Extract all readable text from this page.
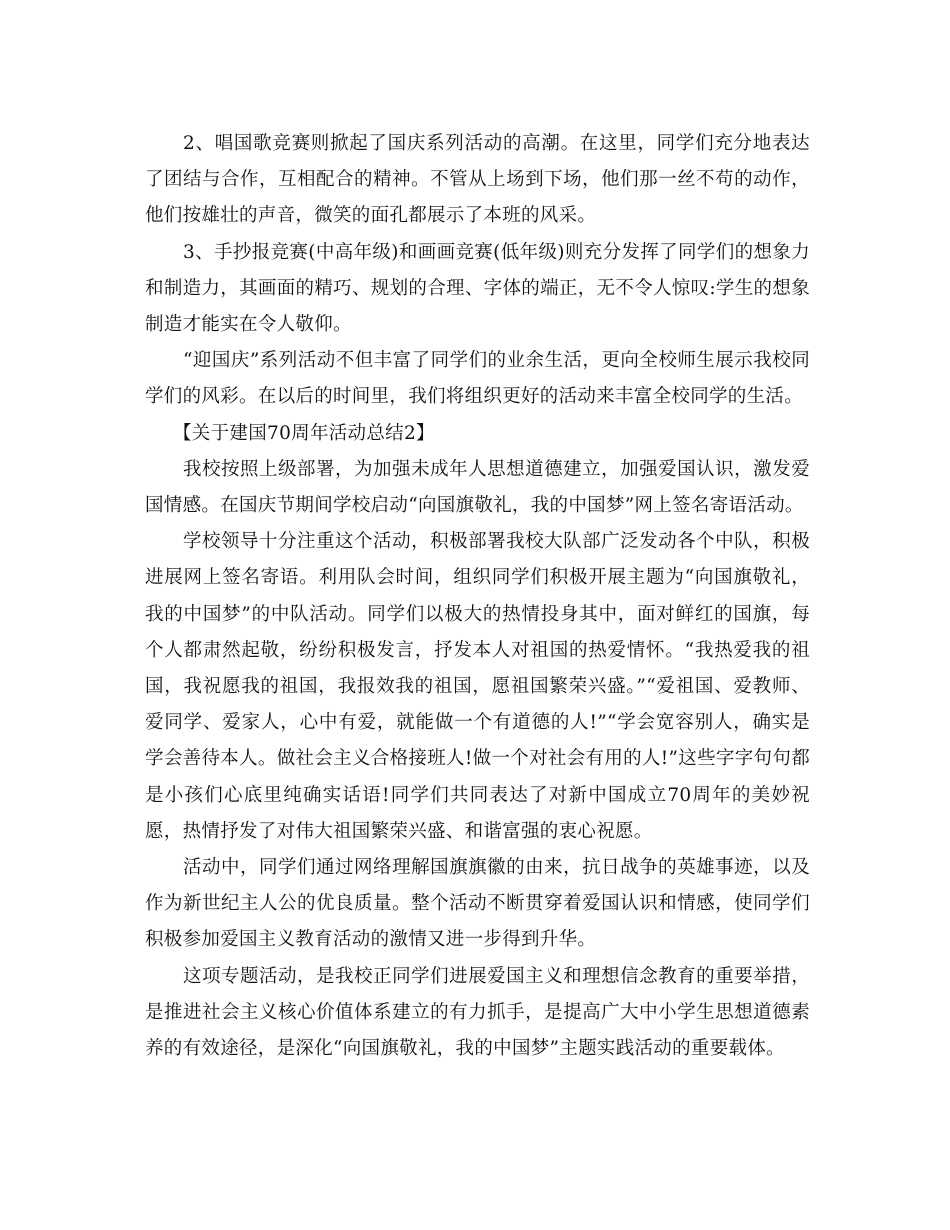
2、唱国歌竞赛则掀起了国庆系列活动的高潮。在这里，同学们充分地表达了团结与合作，互相配合的精神。不管从上场到下场，他们那一丝不苟的动作，他们按雄壮的声音，微笑的面孔都展示了本班的风采。

3、手抄报竞赛(中高年级)和画画竞赛(低年级)则充分发挥了同学们的想象力和制造力，其画面的精巧、规划的合理、字体的端正，无不令人惊叹:学生的想象制造才能实在令人敬仰。

“迎国庆”系列活动不但丰富了同学们的业余生活，更向全校师生展示我校同学们的风彩。在以后的时间里，我们将组织更好的活动来丰富全校同学的生活。

【关于建国70周年活动总结2】

我校按照上级部署，为加强未成年人思想道德建立，加强爱国认识，激发爱国情感。在国庆节期间学校启动“向国旗敬礼，我的中国梦”网上签名寄语活动。

学校领导十分注重这个活动，积极部署我校大队部广泛发动各个中队，积极进展网上签名寄语。利用队会时间，组织同学们积极开展主题为“向国旗敬礼，我的中国梦”的中队活动。同学们以极大的热情投身其中，面对鲜红的国旗，每个人都肃然起敬，纷纷积极发言，抒发本人对祖国的热爱情怀。“我热爱我的祖国，我祝愿我的祖国，我报效我的祖国，愿祖国繁荣兴盛。”“爱祖国、爱教师、爱同学、爱家人，心中有爱，就能做一个有道德的人!”“学会宽容别人，确实是学会善待本人。做社会主义合格接班人!做一个对社会有用的人!”这些字字句句都是小孩们心底里纯确实话语!同学们共同表达了对新中国成立70周年的美妙祝愿，热情抒发了对伟大祖国繁荣兴盛、和谐富强的衷心祝愿。

活动中，同学们通过网络理解国旗旗徽的由来，抗日战争的英雄事迹，以及作为新世纪主人公的优良质量。整个活动不断贯穿着爱国认识和情感，使同学们积极参加爱国主义教育活动的激情又进一步得到升华。

这项专题活动，是我校正同学们进展爱国主义和理想信念教育的重要举措，是推进社会主义核心价值体系建立的有力抓手，是提高广大中小学生思想道德素养的有效途径，是深化“向国旗敬礼，我的中国梦”主题实践活动的重要载体。
